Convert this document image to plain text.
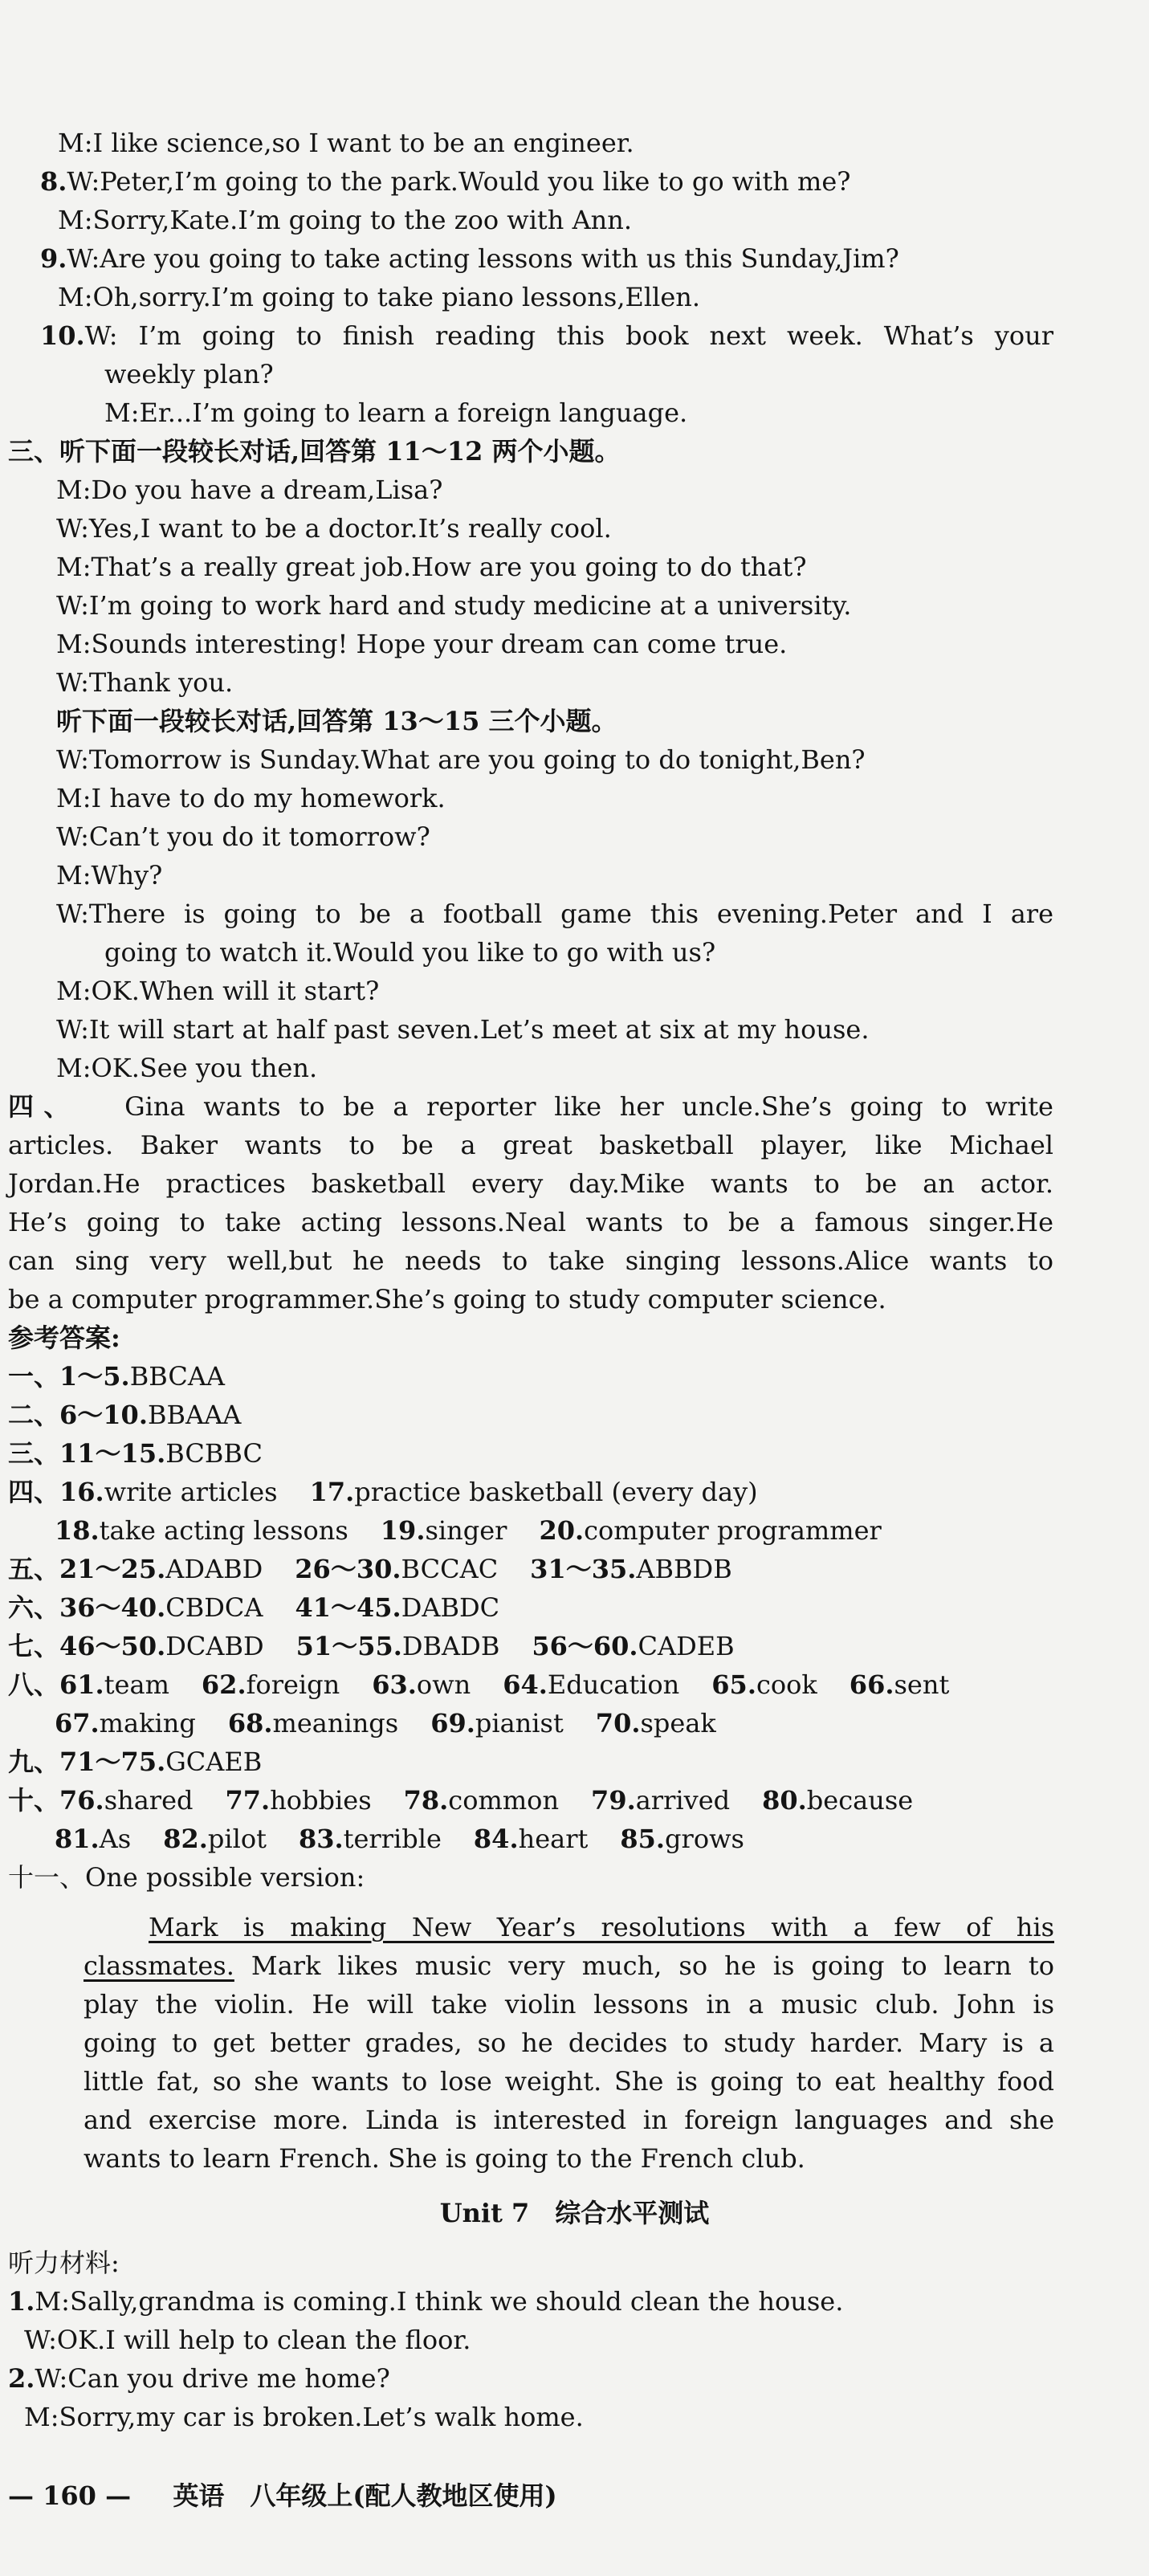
M:I like science,so I want to be an engineer.
8.W:Peter,I’m going to the park.Would you like to go with me?
M:Sorry,Kate.I’m going to the zoo with Ann.
9.W:Are you going to take acting lessons with us this Sunday,Jim?
M:Oh,sorry.I’m going to take piano lessons,Ellen.
10.W: I’m going to finish reading this book next week. What’s your
weekly plan?
M:Er...I’m going to learn a foreign language.
三、听下面一段较长对话,回答第 11～12 两个小题。
M:Do you have a dream,Lisa?
W:Yes,I want to be a doctor.It’s really cool.
M:That’s a really great job.How are you going to do that?
W:I’m going to work hard and study medicine at a university.
M:Sounds interesting! Hope your dream can come true.
W:Thank you.
听下面一段较长对话,回答第 13～15 三个小题。
W:Tomorrow is Sunday.What are you going to do tonight,Ben?
M:I have to do my homework.
W:Can’t you do it tomorrow?
M:Why?
W:There is going to be a football game this evening.Peter and I are
going to watch it.Would you like to go with us?
M:OK.When will it start?
W:It will start at half past seven.Let’s meet at six at my house.
M:OK.See you then.
四、 Gina wants to be a reporter like her uncle.She’s going to write
articles. Baker wants to be a great basketball player, like Michael
Jordan.He practices basketball every day.Mike wants to be an actor.
He’s going to take acting lessons.Neal wants to be a famous singer.He
can sing very well,but he needs to take singing lessons.Alice wants to
be a computer programmer.She’s going to study computer science.
参考答案:
一、1～5.BBCAA
二、6～10.BBAAA
三、11～15.BCBBC
四、16.write articles 17.practice basketball (every day)
18.take acting lessons 19.singer 20.computer programmer
五、21～25.ADABD 26～30.BCCAC 31～35.ABBDB
六、36～40.CBDCA 41～45.DABDC
七、46～50.DCABD 51～55.DBADB 56～60.CADEB
八、61.team 62.foreign 63.own 64.Education 65.cook 66.sent
67.making 68.meanings 69.pianist 70.speak
九、71～75.GCAEB
十、76.shared 77.hobbies 78.common 79.arrived 80.because
81.As 82.pilot 83.terrible 84.heart 85.grows
十一、One possible version:
Mark is making New Year’s resolutions with a few of his
classmates. Mark likes music very much, so he is going to learn to
play the violin. He will take violin lessons in a music club. John is
going to get better grades, so he decides to study harder. Mary is a
little fat, so she wants to lose weight. She is going to eat healthy food
and exercise more. Linda is interested in foreign languages and she
wants to learn French. She is going to the French club.
Unit 7　综合水平测试
听力材料:
1.M:Sally,grandma is coming.I think we should clean the house.
W:OK.I will help to clean the floor.
2.W:Can you drive me home?
M:Sorry,my car is broken.Let’s walk home.
— 160 — 英语　八年级上(配人教地区使用)
